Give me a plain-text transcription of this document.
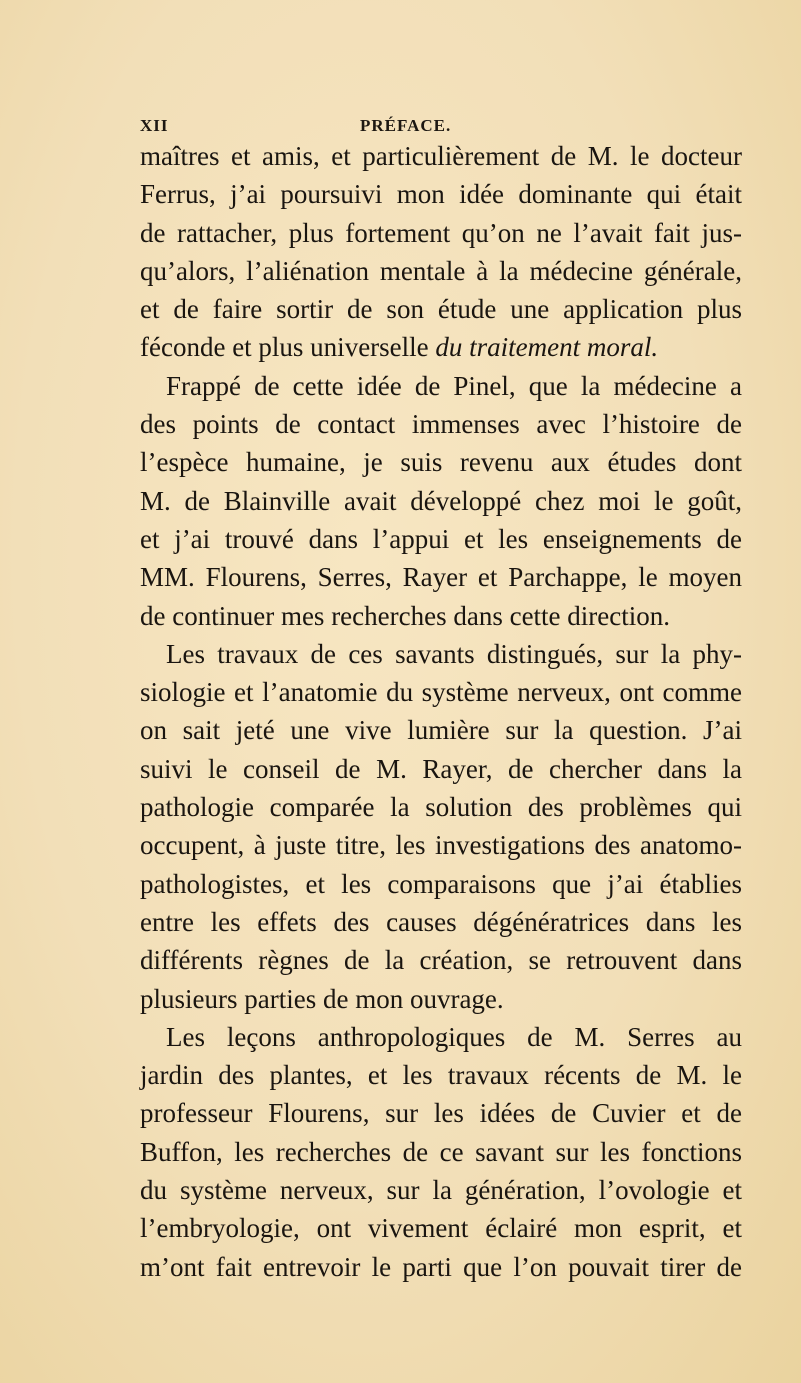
XII	PRÉFACE.
maîtres et amis, et particulièrement de M. le docteur
Ferrus, j’ai poursuivi mon idée dominante qui était
de rattacher, plus fortement qu’on ne l’avait fait jus-
qu’alors, l’aliénation mentale à la médecine générale,
et de faire sortir de son étude une application plus
féconde et plus universelle du traitement moral.
Frappé de cette idée de Pinel, que la médecine a
des points de contact immenses avec l’histoire de
l’espèce humaine, je suis revenu aux études dont
M. de Blainville avait développé chez moi le goût,
et j’ai trouvé dans l’appui et les enseignements de
MM. Flourens, Serres, Rayer et Parchappe, le moyen
de continuer mes recherches dans cette direction.
Les travaux de ces savants distingués, sur la phy-
siologie et l’anatomie du système nerveux, ont comme
on sait jeté une vive lumière sur la question. J’ai
suivi le conseil de M. Rayer, de chercher dans la
pathologie comparée la solution des problèmes qui
occupent, à juste titre, les investigations des anatomo-
pathologistes, et les comparaisons que j’ai établies
entre les effets des causes dégénératrices dans les
différents règnes de la création, se retrouvent dans
plusieurs parties de mon ouvrage.
Les leçons anthropologiques de M. Serres au
jardin des plantes, et les travaux récents de M. le
professeur Flourens, sur les idées de Cuvier et de
Buffon, les recherches de ce savant sur les fonctions
du système nerveux, sur la génération, l’ovologie et
l’embryologie, ont vivement éclairé mon esprit, et
m’ont fait entrevoir le parti que l’on pouvait tirer de
